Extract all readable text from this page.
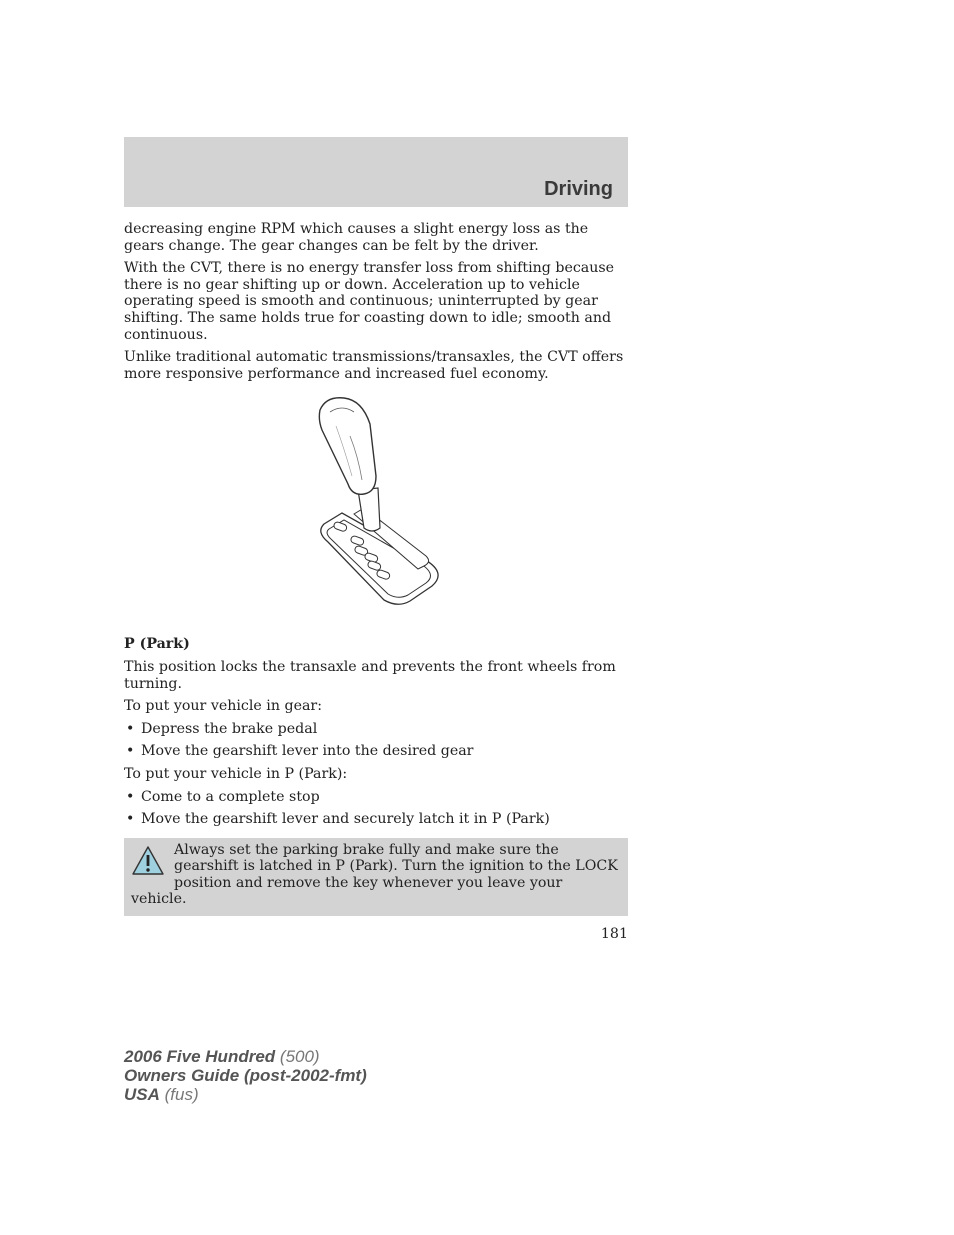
Driving

decreasing engine RPM which causes a slight energy loss as the gears change. The gear changes can be felt by the driver.

With the CVT, there is no energy transfer loss from shifting because there is no gear shifting up or down. Acceleration up to vehicle operating speed is smooth and continuous; uninterrupted by gear shifting. The same holds true for coasting down to idle; smooth and continuous.

Unlike traditional automatic transmissions/transaxles, the CVT offers more responsive performance and increased fuel economy.

P (Park)

This position locks the transaxle and prevents the front wheels from turning.

To put your vehicle in gear:

• Depress the brake pedal
• Move the gearshift lever into the desired gear

To put your vehicle in P (Park):

• Come to a complete stop
• Move the gearshift lever and securely latch it in P (Park)
Always set the parking brake fully and make sure the gearshift is latched in P (Park). Turn the ignition to the LOCK position and remove the key whenever you leave your vehicle.
181
2006 Five Hundred (500)
Owners Guide (post-2002-fmt)
USA (fus)
